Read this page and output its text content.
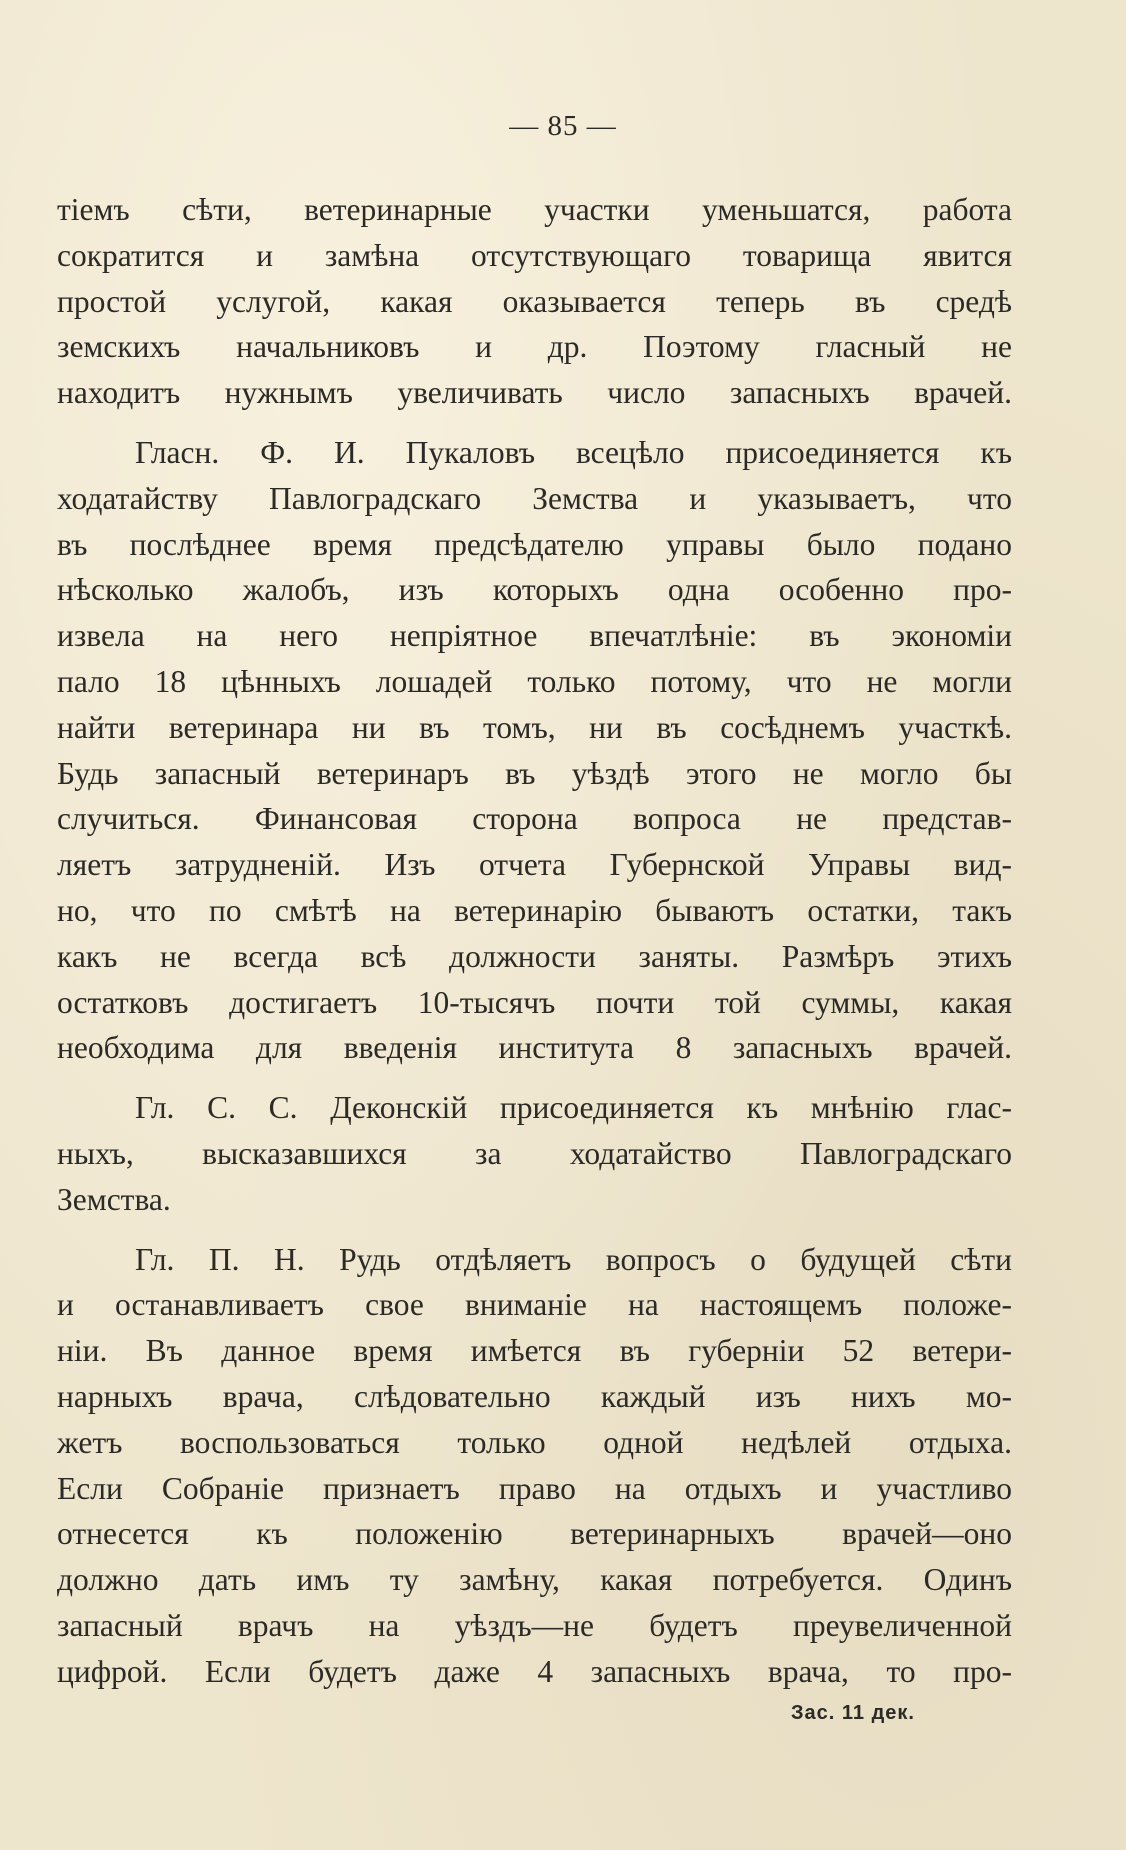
— 85 —
тіемъ сѣти, ветеринарные участки уменьшатся, работа
сократится и замѣна отсутствующаго товарища явится
простой услугой, какая оказывается теперь въ средѣ
земскихъ начальниковъ и др. Поэтому гласный не
находитъ нужнымъ увеличивать число запасныхъ врачей.
Гласн. Ф. И. Пукаловъ всецѣло присоединяется къ
ходатайству Павлоградскаго Земства и указываетъ, что
въ послѣднее время предсѣдателю управы было подано
нѣсколько жалобъ, изъ которыхъ одна особенно про-
извела на него непріятное впечатлѣніе: въ экономіи
пало 18 цѣнныхъ лошадей только потому, что не могли
найти ветеринара ни въ томъ, ни въ сосѣднемъ участкѣ.
Будь запасный ветеринаръ въ уѣздѣ этого не могло бы
случиться. Финансовая сторона вопроса не представ-
ляетъ затрудненій. Изъ отчета Губернской Управы вид-
но, что по смѣтѣ на ветеринарію бываютъ остатки, такъ
какъ не всегда всѣ должности заняты. Размѣръ этихъ
остатковъ достигаетъ 10-тысячъ почти той суммы, какая
необходима для введенія института 8 запасныхъ врачей.
Гл. С. С. Деконскій присоединяется къ мнѣнію глас-
ныхъ, высказавшихся за ходатайство Павлоградскаго
Земства.
Гл. П. Н. Рудь отдѣляетъ вопросъ о будущей сѣти
и останавливаетъ свое вниманіе на настоящемъ положе-
ніи. Въ данное время имѣется въ губерніи 52 ветери-
нарныхъ врача, слѣдовательно каждый изъ нихъ мо-
жетъ воспользоваться только одной недѣлей отдыха.
Если Собраніе признаетъ право на отдыхъ и участливо
отнесется къ положенію ветеринарныхъ врачей—оно
должно дать имъ ту замѣну, какая потребуется. Одинъ
запасный врачъ на уѣздъ—не будетъ преувеличенной
цифрой. Если будетъ даже 4 запасныхъ врача, то про-
Зас. 11 дек.
